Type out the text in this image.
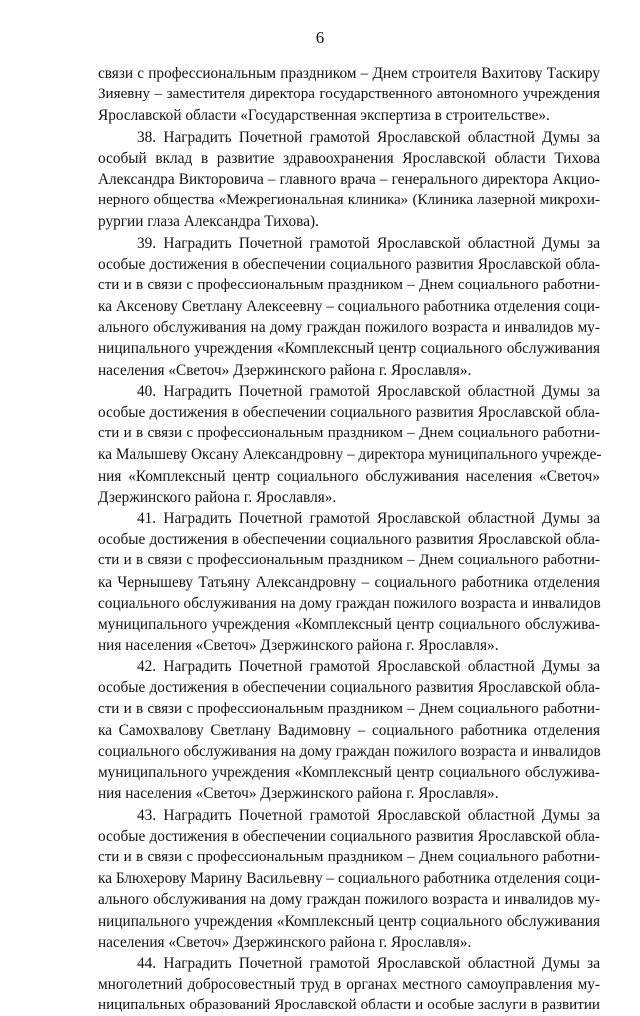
6
связи с профессиональным праздником – Днем строителя Вахитову Таскиру
Зияевну – заместителя директора государственного автономного учреждения
Ярославской области «Государственная экспертиза в строительстве».
38. Наградить Почетной грамотой Ярославской областной Думы за
особый вклад в развитие здравоохранения Ярославской области Тихова
Александра Викторовича – главного врача – генерального директора Акцио-
нерного общества «Межрегиональная клиника» (Клиника лазерной микрохи-
рургии глаза Александра Тихова).
39. Наградить Почетной грамотой Ярославской областной Думы за
особые достижения в обеспечении социального развития Ярославской обла-
сти и в связи с профессиональным праздником – Днем социального работни-
ка Аксенову Светлану Алексеевну – социального работника отделения соци-
ального обслуживания на дому граждан пожилого возраста и инвалидов му-
ниципального учреждения «Комплексный центр социального обслуживания
населения «Светоч» Дзержинского района г. Ярославля».
40. Наградить Почетной грамотой Ярославской областной Думы за
особые достижения в обеспечении социального развития Ярославской обла-
сти и в связи с профессиональным праздником – Днем социального работни-
ка Малышеву Оксану Александровну – директора муниципального учрежде-
ния «Комплексный центр социального обслуживания населения «Светоч»
Дзержинского района г. Ярославля».
41. Наградить Почетной грамотой Ярославской областной Думы за
особые достижения в обеспечении социального развития Ярославской обла-
сти и в связи с профессиональным праздником – Днем социального работни-
ка Чернышеву Татьяну Александровну – социального работника отделения
социального обслуживания на дому граждан пожилого возраста и инвалидов
муниципального учреждения «Комплексный центр социального обслужива-
ния населения «Светоч» Дзержинского района г. Ярославля».
42. Наградить Почетной грамотой Ярославской областной Думы за
особые достижения в обеспечении социального развития Ярославской обла-
сти и в связи с профессиональным праздником – Днем социального работни-
ка Самохвалову Светлану Вадимовну – социального работника отделения
социального обслуживания на дому граждан пожилого возраста и инвалидов
муниципального учреждения «Комплексный центр социального обслужива-
ния населения «Светоч» Дзержинского района г. Ярославля».
43. Наградить Почетной грамотой Ярославской областной Думы за
особые достижения в обеспечении социального развития Ярославской обла-
сти и в связи с профессиональным праздником – Днем социального работни-
ка Блюхерову Марину Васильевну – социального работника отделения соци-
ального обслуживания на дому граждан пожилого возраста и инвалидов му-
ниципального учреждения «Комплексный центр социального обслуживания
населения «Светоч» Дзержинского района г. Ярославля».
44. Наградить Почетной грамотой Ярославской областной Думы за
многолетний добросовестный труд в органах местного самоуправления му-
ниципальных образований Ярославской области и особые заслуги в развитии
